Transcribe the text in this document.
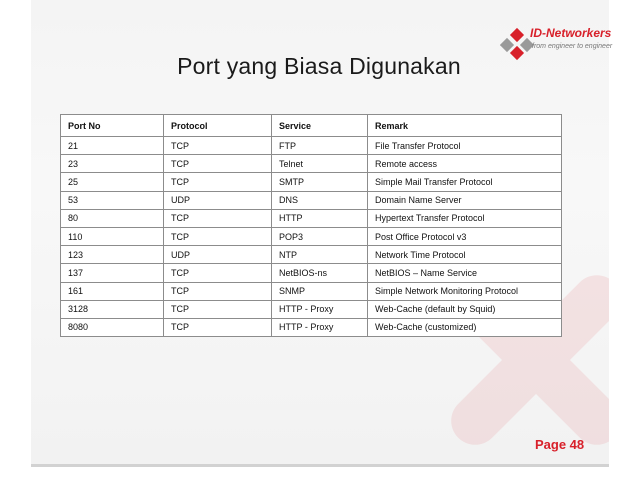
ID-Networkers
from engineer to engineer
Port yang Biasa Digunakan
Port No	Protocol	Service	Remark
21	TCP	FTP	File Transfer Protocol
23	TCP	Telnet	Remote access
25	TCP	SMTP	Simple Mail Transfer Protocol
53	UDP	DNS	Domain Name Server
80	TCP	HTTP	Hypertext Transfer Protocol
110	TCP	POP3	Post Office Protocol v3
123	UDP	NTP	Network Time Protocol
137	TCP	NetBIOS-ns	NetBIOS – Name Service
161	TCP	SNMP	Simple Network Monitoring Protocol
3128	TCP	HTTP - Proxy	Web-Cache (default by Squid)
8080	TCP	HTTP - Proxy	Web-Cache (customized)
Page 48
